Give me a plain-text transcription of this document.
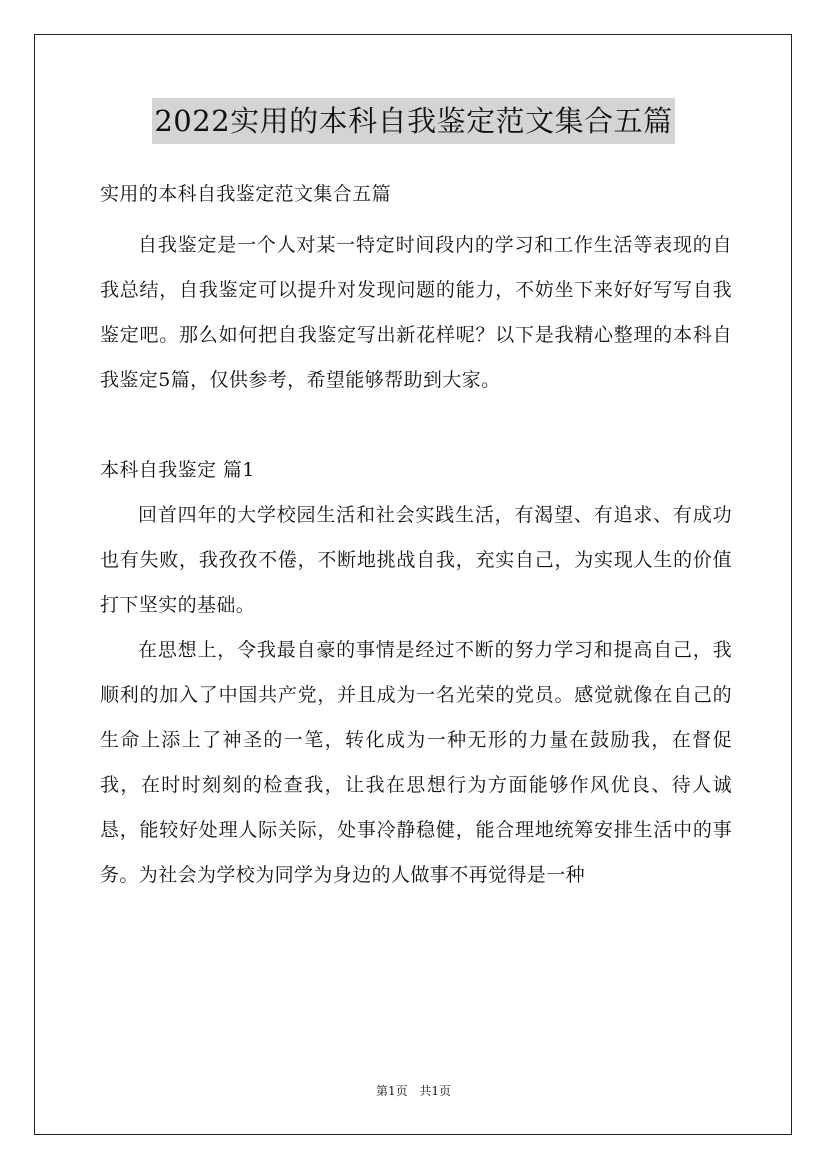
2022实用的本科自我鉴定范文集合五篇

实用的本科自我鉴定范文集合五篇

自我鉴定是一个人对某一特定时间段内的学习和工作生活等表现的自我总结，自我鉴定可以提升对发现问题的能力，不妨坐下来好好写写自我鉴定吧。那么如何把自我鉴定写出新花样呢？以下是我精心整理的本科自我鉴定5篇，仅供参考，希望能够帮助到大家。

本科自我鉴定 篇1

回首四年的大学校园生活和社会实践生活，有渴望、有追求、有成功也有失败，我孜孜不倦，不断地挑战自我，充实自己，为实现人生的价值打下坚实的基础。

在思想上，令我最自豪的事情是经过不断的努力学习和提高自己，我顺利的加入了中国共产党，并且成为一名光荣的党员。感觉就像在自己的生命上添上了神圣的一笔，转化成为一种无形的力量在鼓励我，在督促我，在时时刻刻的检查我，让我在思想行为方面能够作风优良、待人诚恳，能较好处理人际关际，处事冷静稳健，能合理地统筹安排生活中的事务。为社会为学校为同学为身边的人做事不再觉得是一种

第1页 共1页
